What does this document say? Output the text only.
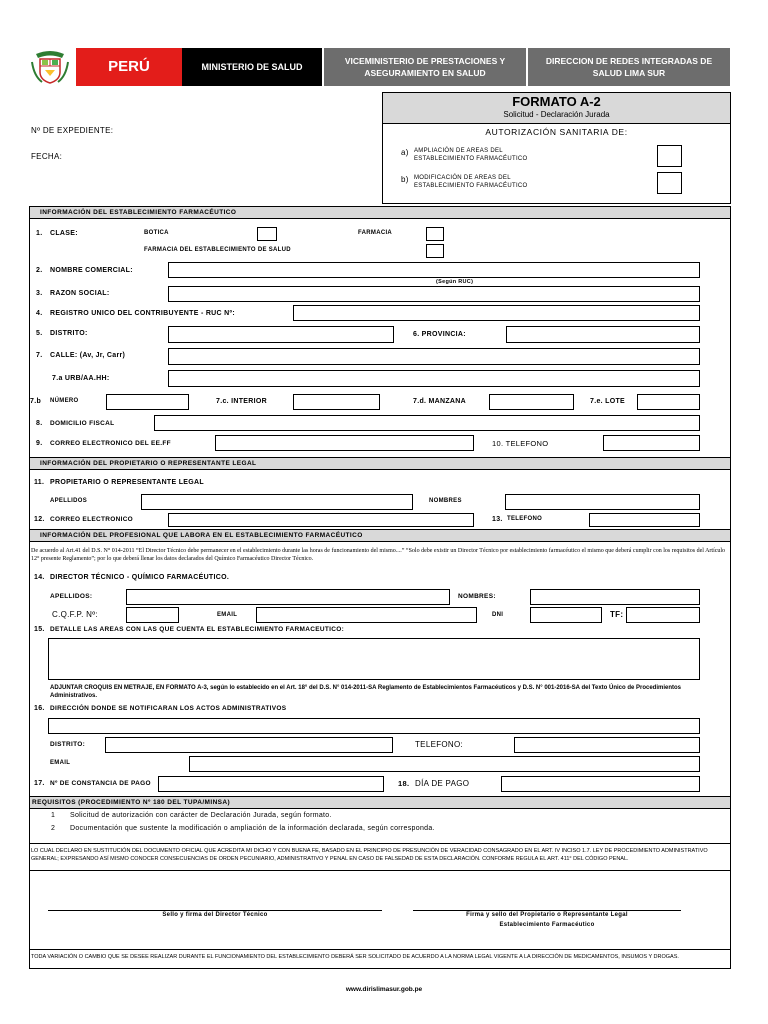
PERÚ	MINISTERIO DE SALUD
VICEMINISTERIO DE PRESTACIONES Y ASEGURAMIENTO EN SALUD
DIRECCION DE REDES INTEGRADAS DE SALUD LIMA SUR
FORMATO A-2
Solicitud - Declaración Jurada
AUTORIZACIÓN SANITARIA DE:
a) AMPLIACIÓN DE AREAS DEL
ESTABLECIMIENTO FARMACÉUTICO
b) MODIFICACIÓN DE AREAS DEL
ESTABLECIMIENTO FARMACÉUTICO
Nº DE EXPEDIENTE:
FECHA:
INFORMACIÓN DEL ESTABLECIMIENTO FARMACÉUTICO
1. CLASE:	BOTICA	FARMACIA
FARMACIA DEL ESTABLECIMIENTO DE SALUD
2. NOMBRE COMERCIAL:
(Según RUC)
3. RAZON SOCIAL:
4. REGISTRO UNICO DEL CONTRIBUYENTE - RUC Nº:
5. DISTRITO:	6. PROVINCIA:
7. CALLE: (Av, Jr, Carr)
7.a URB/AA.HH:
7.b NÚMERO	7.c. INTERIOR	7.d. MANZANA	7.e. LOTE
8. DOMICILIO FISCAL
9. CORREO ELECTRONICO DEL EE.FF	10. TELEFONO
INFORMACIÓN DEL PROPIETARIO O REPRESENTANTE LEGAL
11. PROPIETARIO O REPRESENTANTE LEGAL
APELLIDOS	NOMBRES
12. CORREO ELECTRONICO	13. TELEFONO
INFORMACIÓN DEL PROFESIONAL QUE LABORA EN EL ESTABLECIMIENTO FARMACÉUTICO
De acuerdo al Art.41 del D.S. N° 014-2011 “El Director Técnico debe permanecer en el establecimiento durante las horas de funcionamiento del mismo....” “Solo debe existir un Director Técnico por establecimiento farmacéutico el mismo que deberá cumplir con los requisitos del Artículo 12° presente Reglamento”; por lo que deberá llenar los datos declarados del Químico Farmacéutico Director Técnico.
14. DIRECTOR TÉCNICO - QUÍMICO FARMACÉUTICO.
APELLIDOS:	NOMBRES:
C.Q.F.P. Nº:	EMAIL	DNI	TF:
15. DETALLE LAS AREAS CON LAS QUE CUENTA EL ESTABLECIMIENTO FARMACEUTICO:
ADJUNTAR CROQUIS EN METRAJE, EN FORMATO A-3, según lo establecido en el Art. 18° del D.S. N° 014-2011-SA Reglamento de Establecimientos Farmacéuticos y D.S. N° 001-2016-SA del Texto Único de Procedimientos Administrativos.
16. DIRECCIÓN DONDE SE NOTIFICARAN LOS ACTOS ADMINISTRATIVOS
DISTRITO:	TELEFONO:
EMAIL
17. Nº DE CONSTANCIA DE PAGO	18. DÍA DE PAGO
REQUISITOS (PROCEDIMIENTO Nº 180 DEL TUPA/MINSA)
1 Solicitud de autorización con carácter de Declaración Jurada, según formato.
2 Documentación que sustente la modificación o ampliación de la información declarada, según corresponda.
LO CUAL DECLARO EN SUSTITUCIÓN DEL DOCUMENTO OFICIAL QUE ACREDITA MI DICHO Y CON BUENA FE, BASADO EN EL PRINCIPIO DE PRESUNCIÓN DE VERACIDAD CONSAGRADO EN EL ART. IV INCISO 1.7. LEY DE PROCEDIMIENTO ADMINISTRATIVO GENERAL; EXPRESANDO ASÍ MISMO CONOCER CONSECUENCIAS DE ORDEN PECUNIARIO, ADMINISTRATIVO Y PENAL EN CASO DE FALSEDAD DE ESTA DECLARACIÓN. CONFORME REGULA EL ART. 411° DEL CÓDIGO PENAL.
Sello y firma del Director Técnico	Firma y sello del Propietario o Representante Legal
Establecimiento Farmacéutico
TODA VARIACIÓN O CAMBIO QUE SE DESEE REALIZAR DURANTE EL FUNCIONAMIENTO DEL ESTABLECIMIENTO DEBERÁ SER SOLICITADO DE ACUERDO A LA NORMA LEGAL VIGENTE A LA DIRECCIÓN DE MEDICAMENTOS, INSUMOS Y DROGAS.
www.dirislimasur.gob.pe
